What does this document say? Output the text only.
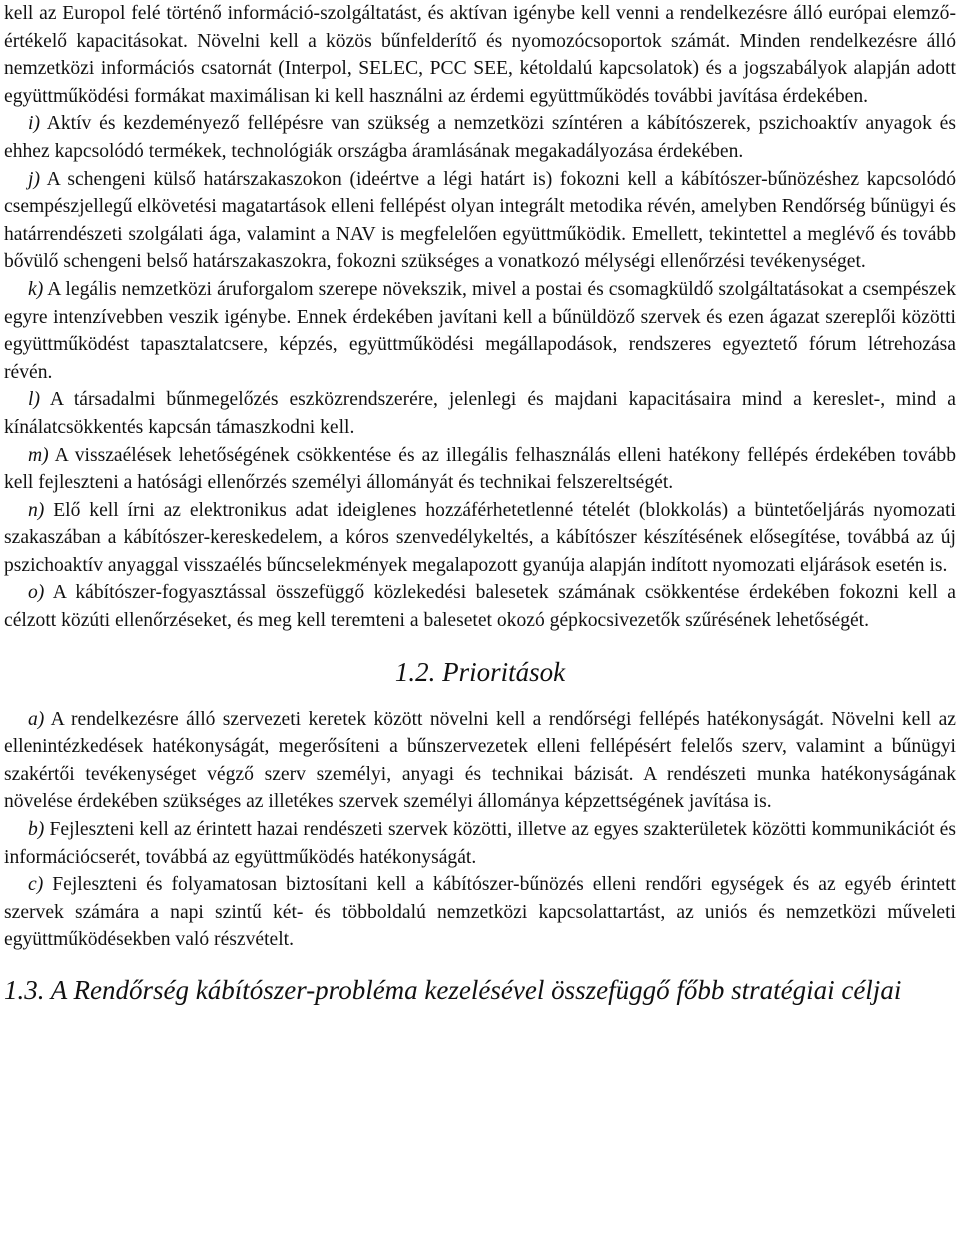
kell az Europol felé történő információ-szolgáltatást, és aktívan igénybe kell venni a rendelkezésre álló európai elemző-értékelő kapacitásokat. Növelni kell a közös bűnfelderítő és nyomozócsoportok számát. Minden rendelkezésre álló nemzetközi információs csatornát (Interpol, SELEC, PCC SEE, kétoldalú kapcsolatok) és a jogszabályok alapján adott együttműködési formákat maximálisan ki kell használni az érdemi együttműködés további javítása érdekében.

i) Aktív és kezdeményező fellépésre van szükség a nemzetközi színtéren a kábítószerek, pszichoaktív anyagok és ehhez kapcsolódó termékek, technológiák országba áramlásának megakadályozása érdekében.

j) A schengeni külső határszakaszokon (ideértve a légi határt is) fokozni kell a kábítószer-bűnözéshez kapcsolódó csempészjellegű elkövetési magatartások elleni fellépést olyan integrált metodika révén, amelyben Rendőrség bűnügyi és határrendészeti szolgálati ága, valamint a NAV is megfelelően együttműködik. Emellett, tekintettel a meglévő és tovább bővülő schengeni belső határszakaszokra, fokozni szükséges a vonatkozó mélységi ellenőrzési tevékenységet.

k) A legális nemzetközi áruforgalom szerepe növekszik, mivel a postai és csomagküldő szolgáltatásokat a csempészek egyre intenzívebben veszik igénybe. Ennek érdekében javítani kell a bűnüldöző szervek és ezen ágazat szereplői közötti együttműködést tapasztalatcsere, képzés, együttműködési megállapodások, rendszeres egyeztető fórum létrehozása révén.

l) A társadalmi bűnmegelőzés eszközrendszerére, jelenlegi és majdani kapacitásaira mind a kereslet-, mind a kínálatcsökkentés kapcsán támaszkodni kell.

m) A visszaélések lehetőségének csökkentése és az illegális felhasználás elleni hatékony fellépés érdekében tovább kell fejleszteni a hatósági ellenőrzés személyi állományát és technikai felszereltségét.

n) Elő kell írni az elektronikus adat ideiglenes hozzáférhetetlenné tételét (blokkolás) a büntetőeljárás nyomozati szakaszában a kábítószer-kereskedelem, a kóros szenvedélykeltés, a kábítószer készítésének elősegítése, továbbá az új pszichoaktív anyaggal visszaélés bűncselekmények megalapozott gyanúja alapján indított nyomozati eljárások esetén is.

o) A kábítószer-fogyasztással összefüggő közlekedési balesetek számának csökkentése érdekében fokozni kell a célzott közúti ellenőrzéseket, és meg kell teremteni a balesetet okozó gépkocsivezetők szűrésének lehetőségét.

1.2. Prioritások

a) A rendelkezésre álló szervezeti keretek között növelni kell a rendőrségi fellépés hatékonyságát. Növelni kell az ellenintézkedések hatékonyságát, megerősíteni a bűnszervezetek elleni fellépésért felelős szerv, valamint a bűnügyi szakértői tevékenységet végző szerv személyi, anyagi és technikai bázisát. A rendészeti munka hatékonyságának növelése érdekében szükséges az illetékes szervek személyi állománya képzettségének javítása is.

b) Fejleszteni kell az érintett hazai rendészeti szervek közötti, illetve az egyes szakterületek közötti kommunikációt és információcserét, továbbá az együttműködés hatékonyságát.

c) Fejleszteni és folyamatosan biztosítani kell a kábítószer-bűnözés elleni rendőri egységek és az egyéb érintett szervek számára a napi szintű két- és többoldalú nemzetközi kapcsolattartást, az uniós és nemzetközi műveleti együttműködésekben való részvételt.

1.3. A Rendőrség kábítószer-probléma kezelésével összefüggő főbb stratégiai céljai
